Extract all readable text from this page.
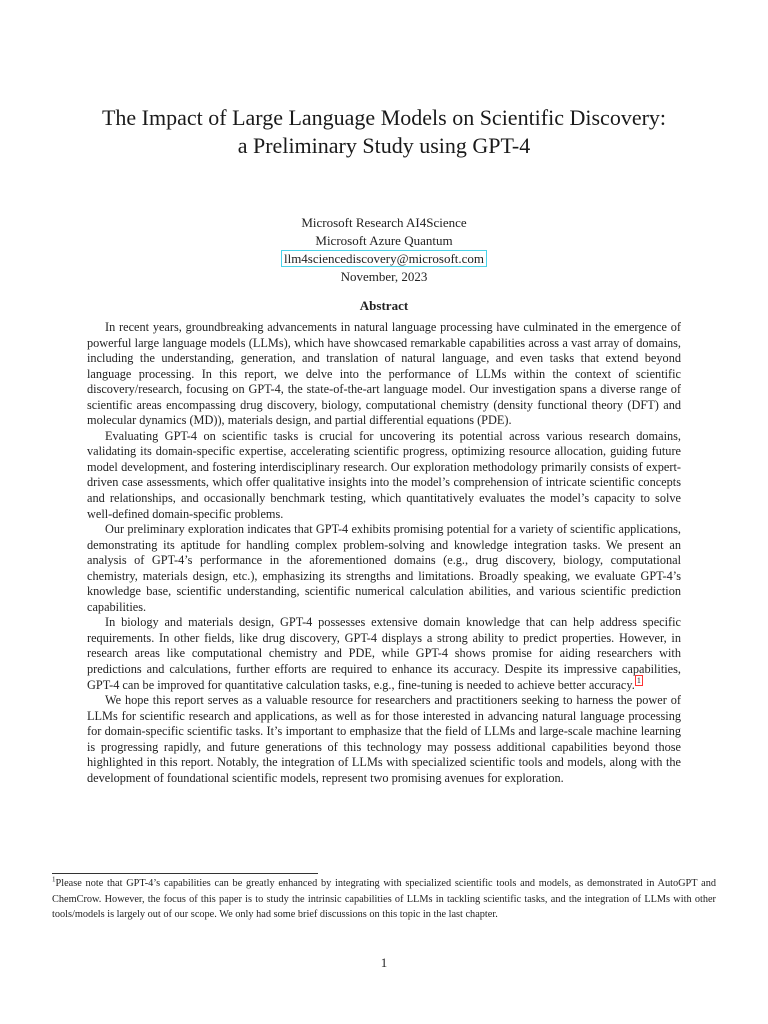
The Impact of Large Language Models on Scientific Discovery:
a Preliminary Study using GPT-4
Microsoft Research AI4Science
Microsoft Azure Quantum
llm4sciencediscovery@microsoft.com
November, 2023
Abstract

In recent years, groundbreaking advancements in natural language processing have culminated in the emergence of powerful large language models (LLMs), which have showcased remarkable capabilities across a vast array of domains, including the understanding, generation, and translation of natural language, and even tasks that extend beyond language processing. In this report, we delve into the performance of LLMs within the context of scientific discovery/research, focusing on GPT-4, the state-of-the-art language model. Our investigation spans a diverse range of scientific areas encompassing drug discovery, biology, computational chemistry (density functional theory (DFT) and molecular dynamics (MD)), materials design, and partial differential equations (PDE).

Evaluating GPT-4 on scientific tasks is crucial for uncovering its potential across various research domains, validating its domain-specific expertise, accelerating scientific progress, optimizing resource allocation, guiding future model development, and fostering interdisciplinary research. Our exploration methodology primarily consists of expert-driven case assessments, which offer qualitative insights into the model’s comprehension of intricate scientific concepts and relationships, and occasionally benchmark testing, which quantitatively evaluates the model’s capacity to solve well-defined domain-specific problems.

Our preliminary exploration indicates that GPT-4 exhibits promising potential for a variety of scientific applications, demonstrating its aptitude for handling complex problem-solving and knowledge integration tasks. We present an analysis of GPT-4’s performance in the aforementioned domains (e.g., drug discovery, biology, computational chemistry, materials design, etc.), emphasizing its strengths and limitations. Broadly speaking, we evaluate GPT-4’s knowledge base, scientific understanding, scientific numerical calculation abilities, and various scientific prediction capabilities.

In biology and materials design, GPT-4 possesses extensive domain knowledge that can help address specific requirements. In other fields, like drug discovery, GPT-4 displays a strong ability to predict properties. However, in research areas like computational chemistry and PDE, while GPT-4 shows promise for aiding researchers with predictions and calculations, further efforts are required to enhance its accuracy. Despite its impressive capabilities, GPT-4 can be improved for quantitative calculation tasks, e.g., fine-tuning is needed to achieve better accuracy. $^1$

We hope this report serves as a valuable resource for researchers and practitioners seeking to harness the power of LLMs for scientific research and applications, as well as for those interested in advancing natural language processing for domain-specific scientific tasks. It’s important to emphasize that the field of LLMs and large-scale machine learning is progressing rapidly, and future generations of this technology may possess additional capabilities beyond those highlighted in this report. Notably, the integration of LLMs with specialized scientific tools and models, along with the development of foundational scientific models, represent two promising avenues for exploration.

$^1$Please note that GPT-4’s capabilities can be greatly enhanced by integrating with specialized scientific tools and models, as demonstrated in AutoGPT and ChemCrow. However, the focus of this paper is to study the intrinsic capabilities of LLMs in tackling scientific tasks, and the integration of LLMs with other tools/models is largely out of our scope. We only had some brief discussions on this topic in the last chapter.
1
